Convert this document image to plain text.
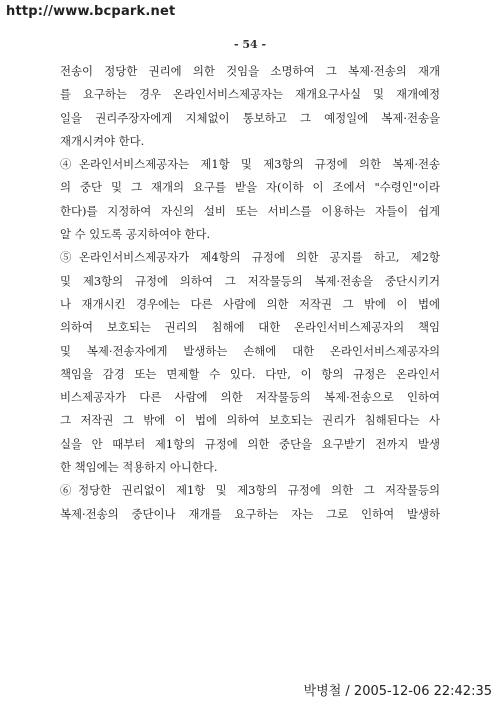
http://www.bcpark.net
- 54 -
전송이 정당한 권리에 의한 것임을 소명하여 그 복제·전송의 재개
를 요구하는 경우 온라인서비스제공자는 재개요구사실 및 재개예정
일을 권리주장자에게 지체없이 통보하고 그 예정일에 복제·전송을
재개시켜야 한다.
④온라인서비스제공자는 제1항 및 제3항의 규정에 의한 복제·전송
의 중단 및 그 재개의 요구를 받을 자(이하 이 조에서 "수령인"이라
한다)를 지정하여 자신의 설비 또는 서비스를 이용하는 자들이 쉽게
알 수 있도록 공지하여야 한다.
⑤온라인서비스제공자가 제4항의 규정에 의한 공지를 하고, 제2항
및 제3항의 규정에 의하여 그 저작물등의 복제·전송을 중단시키거
나 재개시킨 경우에는 다른 사람에 의한 저작권 그 밖에 이 법에
의하여 보호되는 권리의 침해에 대한 온라인서비스제공자의 책임
및 복제·전송자에게 발생하는 손해에 대한 온라인서비스제공자의
책임을 감경 또는 면제할 수 있다. 다만, 이 항의 규정은 온라인서
비스제공자가 다른 사람에 의한 저작물등의 복제·전송으로 인하여
그 저작권 그 밖에 이 법에 의하여 보호되는 권리가 침해된다는 사
실을 안 때부터 제1항의 규정에 의한 중단을 요구받기 전까지 발생
한 책임에는 적용하지 아니한다.
⑥정당한 권리없이 제1항 및 제3항의 규정에 의한 그 저작물등의
복제·전송의 중단이나 재개를 요구하는 자는 그로 인하여 발생하
박병철 / 2005-12-06 22:42:35
